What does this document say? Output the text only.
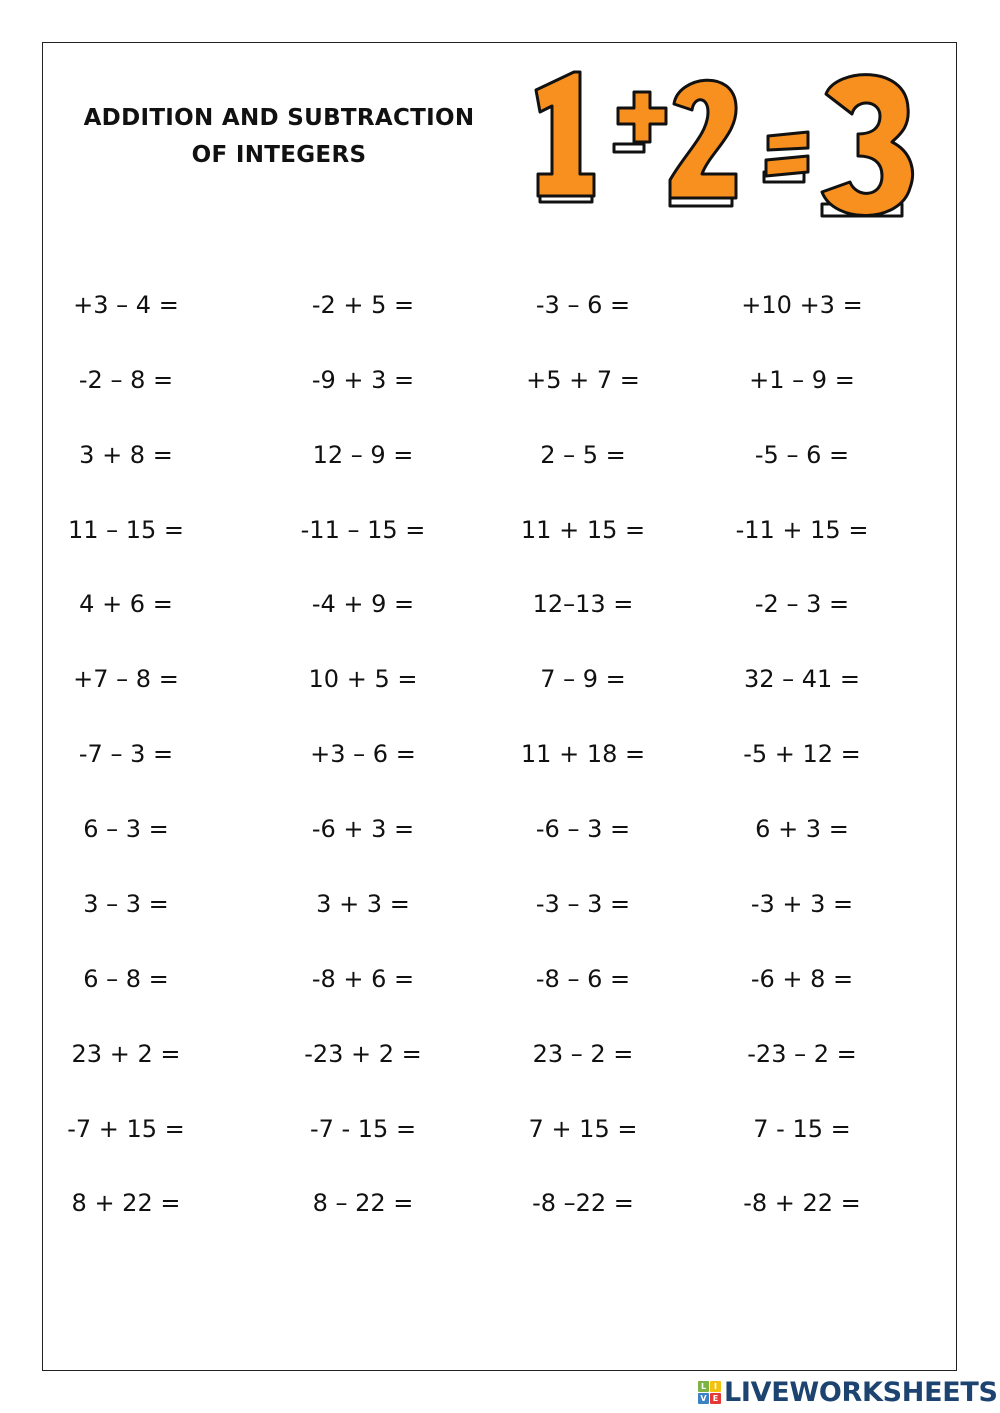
ADDITION AND SUBTRACTION
OF INTEGERS
+3 – 4 =
-2 – 8 =
3 + 8 =
11 – 15 =
4 + 6 =
+7 – 8 =
-7 – 3 =
6 – 3 =
3 – 3 =
6 – 8 =
23 + 2 =
-7 + 15 =
8 + 22 =
-2 + 5 =
-9 + 3 =
12 – 9 =
-11 – 15 =
-4 + 9 =
10 + 5 =
+3 – 6 =
-6 + 3 =
3 + 3 =
-8 + 6 =
-23 + 2 =
-7 - 15 =
8 – 22 =
-3 – 6 =
+5 + 7 =
2 – 5 =
11 + 15 =
12–13 =
7 – 9 =
11 + 18 =
-6 – 3 =
-3 – 3 =
-8 – 6 =
23 – 2 =
7 + 15 =
-8 –22 =
+10 +3 =
+1 – 9 =
-5 – 6 =
-11 + 15 =
-2 – 3 =
32 – 41 =
-5 + 12 =
6 + 3 =
-3 + 3 =
-6 + 8 =
-23 – 2 =
7 - 15 =
-8 + 22 =
L I
V E LIVEWORKSHEETS
